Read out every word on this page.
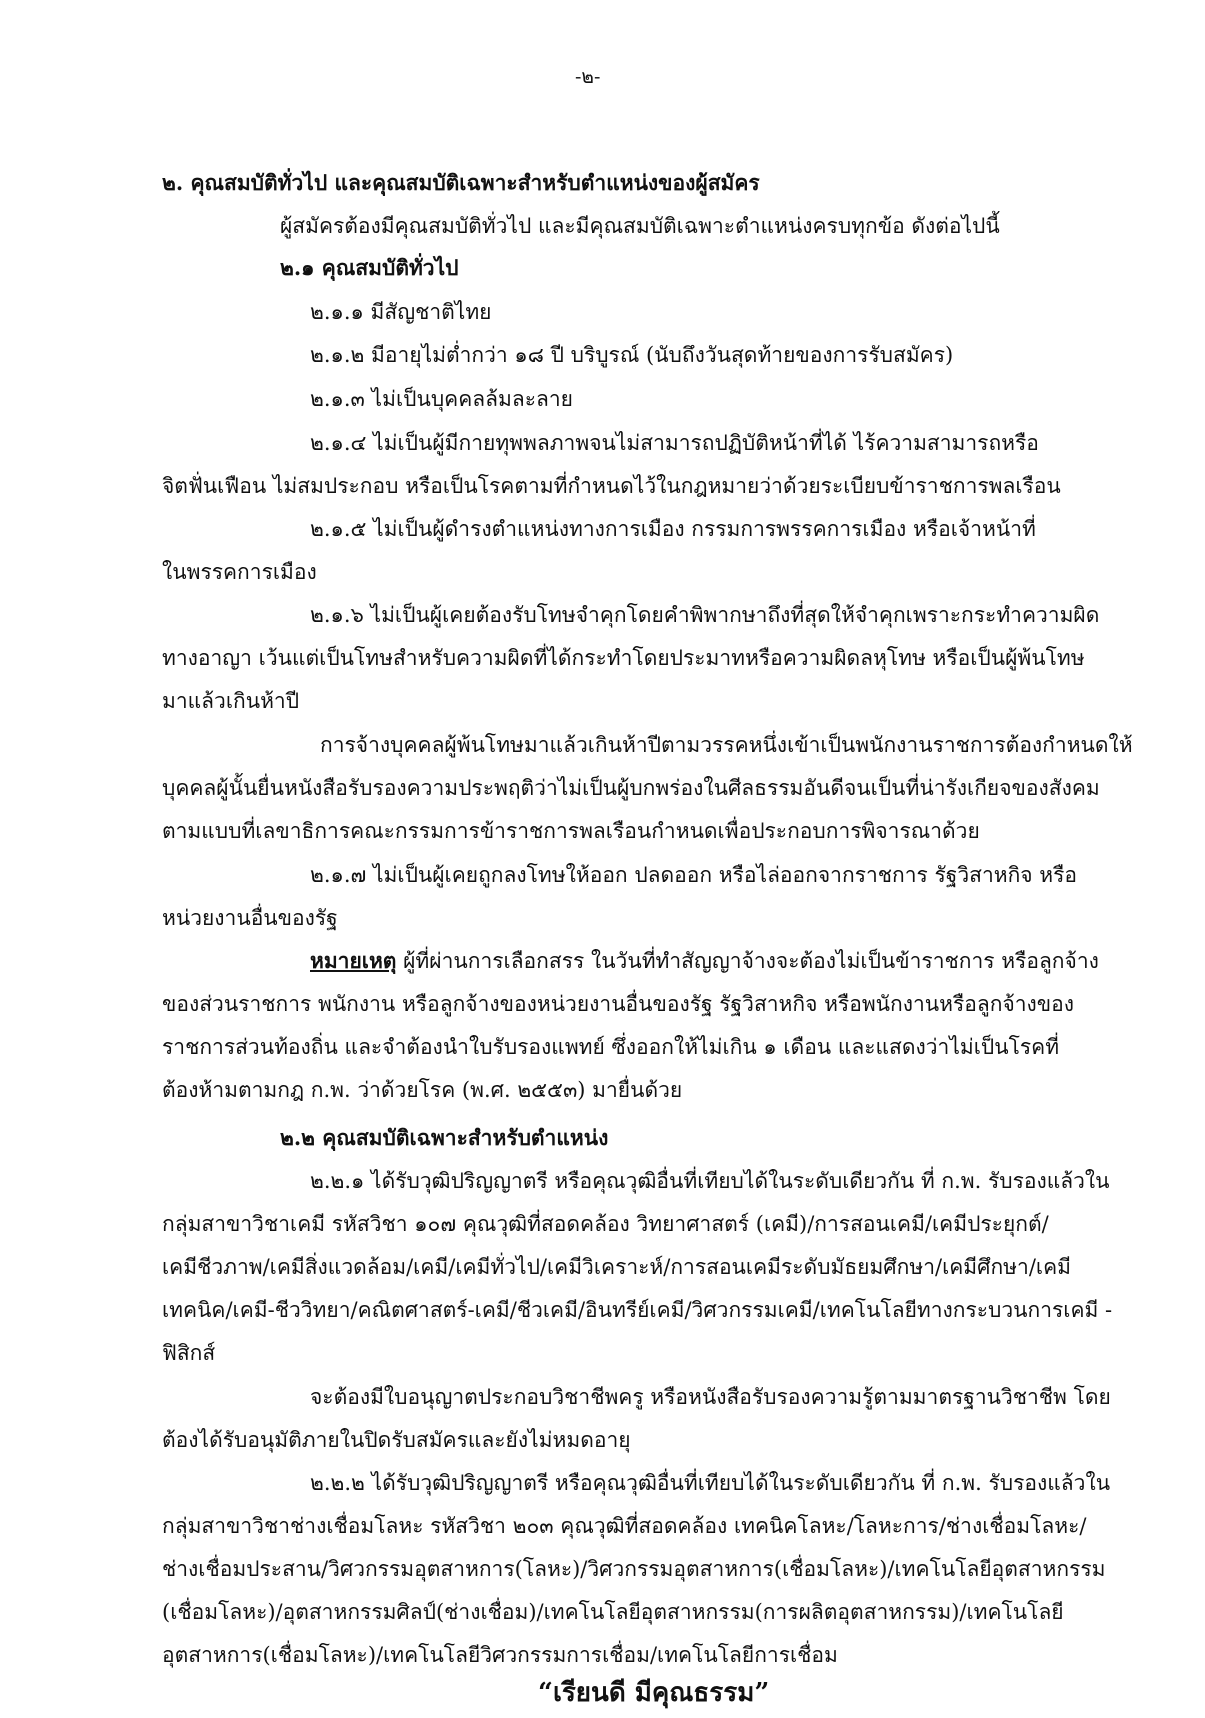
-๒-
๒. คุณสมบัติทั่วไป และคุณสมบัติเฉพาะสำหรับตำแหน่งของผู้สมัคร
ผู้สมัครต้องมีคุณสมบัติทั่วไป และมีคุณสมบัติเฉพาะตำแหน่งครบทุกข้อ ดังต่อไปนี้
๒.๑ คุณสมบัติทั่วไป
๒.๑.๑ มีสัญชาติไทย
๒.๑.๒ มีอายุไม่ต่ำกว่า ๑๘ ปี บริบูรณ์ (นับถึงวันสุดท้ายของการรับสมัคร)
๒.๑.๓ ไม่เป็นบุคคลล้มละลาย
๒.๑.๔ ไม่เป็นผู้มีกายทุพพลภาพจนไม่สามารถปฏิบัติหน้าที่ได้ ไร้ความสามารถหรือ
จิตฟั่นเฟือน ไม่สมประกอบ หรือเป็นโรคตามที่กำหนดไว้ในกฎหมายว่าด้วยระเบียบข้าราชการพลเรือน
๒.๑.๕ ไม่เป็นผู้ดำรงตำแหน่งทางการเมือง กรรมการพรรคการเมือง หรือเจ้าหน้าที่
ในพรรคการเมือง
๒.๑.๖ ไม่เป็นผู้เคยต้องรับโทษจำคุกโดยคำพิพากษาถึงที่สุดให้จำคุกเพราะกระทำความผิด
ทางอาญา เว้นแต่เป็นโทษสำหรับความผิดที่ได้กระทำโดยประมาทหรือความผิดลหุโทษ หรือเป็นผู้พ้นโทษ
มาแล้วเกินห้าปี
การจ้างบุคคลผู้พ้นโทษมาแล้วเกินห้าปีตามวรรคหนึ่งเข้าเป็นพนักงานราชการต้องกำหนดให้
บุคคลผู้นั้นยื่นหนังสือรับรองความประพฤติว่าไม่เป็นผู้บกพร่องในศีลธรรมอันดีจนเป็นที่น่ารังเกียจของสังคม
ตามแบบที่เลขาธิการคณะกรรมการข้าราชการพลเรือนกำหนดเพื่อประกอบการพิจารณาด้วย
๒.๑.๗ ไม่เป็นผู้เคยถูกลงโทษให้ออก ปลดออก หรือไล่ออกจากราชการ รัฐวิสาหกิจ หรือ
หน่วยงานอื่นของรัฐ
หมายเหตุ ผู้ที่ผ่านการเลือกสรร ในวันที่ทำสัญญาจ้างจะต้องไม่เป็นข้าราชการ หรือลูกจ้าง
ของส่วนราชการ พนักงาน หรือลูกจ้างของหน่วยงานอื่นของรัฐ รัฐวิสาหกิจ หรือพนักงานหรือลูกจ้างของ
ราชการส่วนท้องถิ่น และจำต้องนำใบรับรองแพทย์ ซึ่งออกให้ไม่เกิน ๑ เดือน และแสดงว่าไม่เป็นโรคที่
ต้องห้ามตามกฎ ก.พ. ว่าด้วยโรค (พ.ศ. ๒๕๕๓) มายื่นด้วย
๒.๒ คุณสมบัติเฉพาะสำหรับตำแหน่ง
๒.๒.๑ ได้รับวุฒิปริญญาตรี หรือคุณวุฒิอื่นที่เทียบได้ในระดับเดียวกัน ที่ ก.พ. รับรองแล้วใน
กลุ่มสาขาวิชาเคมี รหัสวิชา ๑๐๗ คุณวุฒิที่สอดคล้อง วิทยาศาสตร์ (เคมี)/การสอนเคมี/เคมีประยุกต์/
เคมีชีวภาพ/เคมีสิ่งแวดล้อม/เคมี/เคมีทั่วไป/เคมีวิเคราะห์/การสอนเคมีระดับมัธยมศึกษา/เคมีศึกษา/เคมี
เทคนิค/เคมี-ชีววิทยา/คณิตศาสตร์-เคมี/ชีวเคมี/อินทรีย์เคมี/วิศวกรรมเคมี/เทคโนโลยีทางกระบวนการเคมี -
ฟิสิกส์
จะต้องมีใบอนุญาตประกอบวิชาชีพครู หรือหนังสือรับรองความรู้ตามมาตรฐานวิชาชีพ โดย
ต้องได้รับอนุมัติภายในปิดรับสมัครและยังไม่หมดอายุ
๒.๒.๒ ได้รับวุฒิปริญญาตรี หรือคุณวุฒิอื่นที่เทียบได้ในระดับเดียวกัน ที่ ก.พ. รับรองแล้วใน
กลุ่มสาขาวิชาช่างเชื่อมโลหะ รหัสวิชา ๒๐๓ คุณวุฒิที่สอดคล้อง เทคนิคโลหะ/โลหะการ/ช่างเชื่อมโลหะ/
ช่างเชื่อมประสาน/วิศวกรรมอุตสาหการ(โลหะ)/วิศวกรรมอุตสาหการ(เชื่อมโลหะ)/เทคโนโลยีอุตสาหกรรม
(เชื่อมโลหะ)/อุตสาหกรรมศิลป์(ช่างเชื่อม)/เทคโนโลยีอุตสาหกรรม(การผลิตอุตสาหกรรม)/เทคโนโลยี
อุตสาหการ(เชื่อมโลหะ)/เทคโนโลยีวิศวกรรมการเชื่อม/เทคโนโลยีการเชื่อม
“เรียนดี มีคุณธรรม”
